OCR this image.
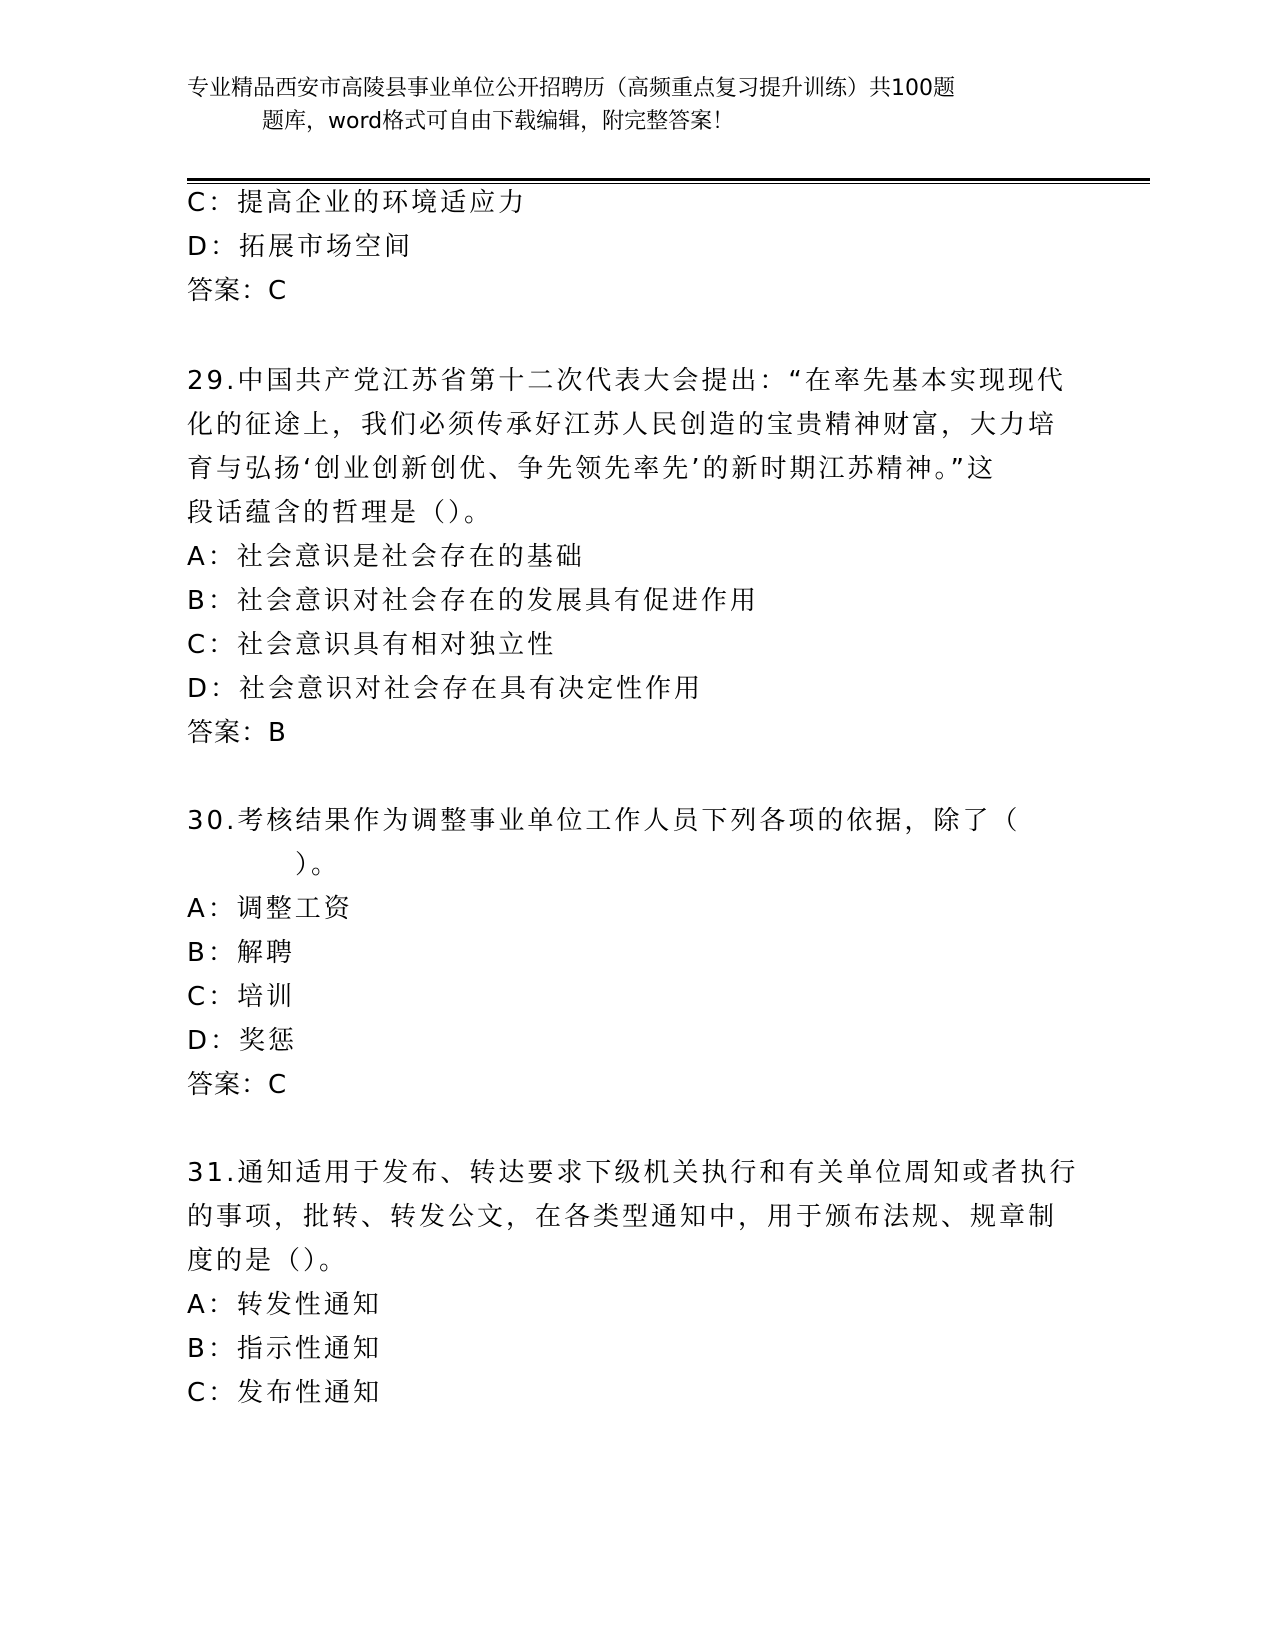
专业精品西安市高陵县事业单位公开招聘历（高频重点复习提升训练）共100题
题库，word格式可自由下载编辑，附完整答案！
C：提高企业的环境适应力
D：拓展市场空间
答案：C
29.中国共产党江苏省第十二次代表大会提出：“在率先基本实现现代
化的征途上，我们必须传承好江苏人民创造的宝贵精神财富，大力培
育与弘扬‘创业创新创优、争先领先率先’的新时期江苏精神。”这
段话蕴含的哲理是（）。
A：社会意识是社会存在的基础
B：社会意识对社会存在的发展具有促进作用
C：社会意识具有相对独立性
D：社会意识对社会存在具有决定性作用
答案：B
30.考核结果作为调整事业单位工作人员下列各项的依据，除了（
）。
A：调整工资
B：解聘
C：培训
D：奖惩
答案：C
31.通知适用于发布、转达要求下级机关执行和有关单位周知或者执行
的事项，批转、转发公文，在各类型通知中，用于颁布法规、规章制
度的是（）。
A：转发性通知
B：指示性通知
C：发布性通知
